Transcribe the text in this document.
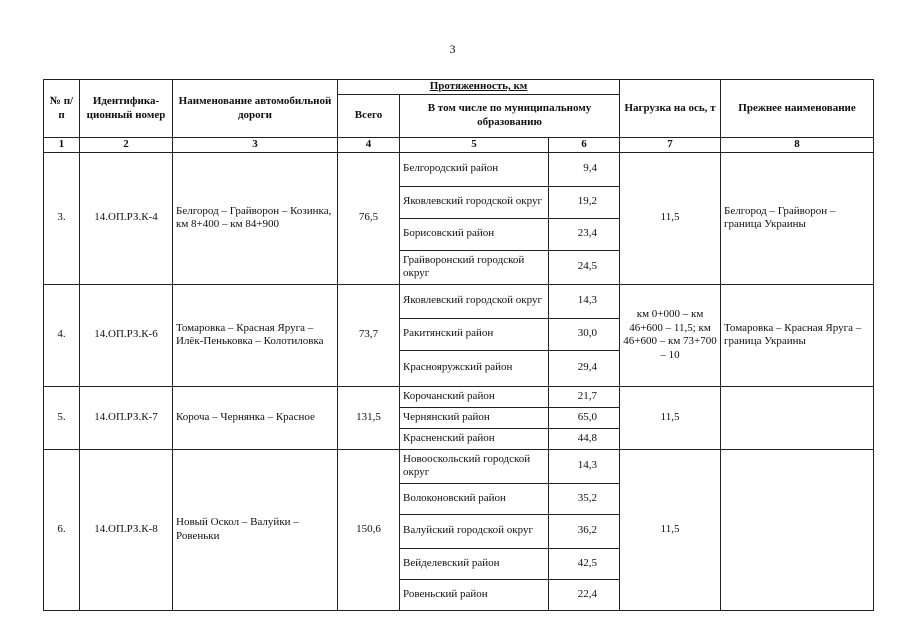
3
№ п/п	Идентифика-ционный номер	Наименование автомобильной дороги	Протяженность, км			Нагрузка на ось, т	Прежнее наименование
			Всего	В том числе по муниципальному образованию			
1	2	3	4	5	6	7	8
3.	14.ОП.РЗ.К-4	Белгород – Грайворон – Козинка, км 8+400 – км 84+900	76,5	Белгородский район	9,4	11,5	Белгород – Грайворон – граница Украины
				Яковлевский городской округ	19,2		
				Борисовский район	23,4		
				Грайворонский городской округ	24,5		
4.	14.ОП.РЗ.К-6	Томаровка – Красная Яруга – Илёк-Пеньковка – Колотиловка	73,7	Яковлевский городской округ	14,3	км 0+000 – км 46+600 – 11,5; км 46+600 – км 73+700 – 10	Томаровка – Красная Яруга – граница Украины
				Ракитянский район	30,0		
				Краснояружский район	29,4		
5.	14.ОП.РЗ.К-7	Короча – Чернянка – Красное	131,5	Корочанский район	21,7	11,5	
				Чернянский район	65,0		
				Красненский район	44,8		
6.	14.ОП.РЗ.К-8	Новый Оскол – Валуйки – Ровеньки	150,6	Новооскольский городской округ	14,3	11,5	
				Волоконовский район	35,2		
				Валуйский городской округ	36,2		
				Вейделевский район	42,5		
				Ровеньский район	22,4		
